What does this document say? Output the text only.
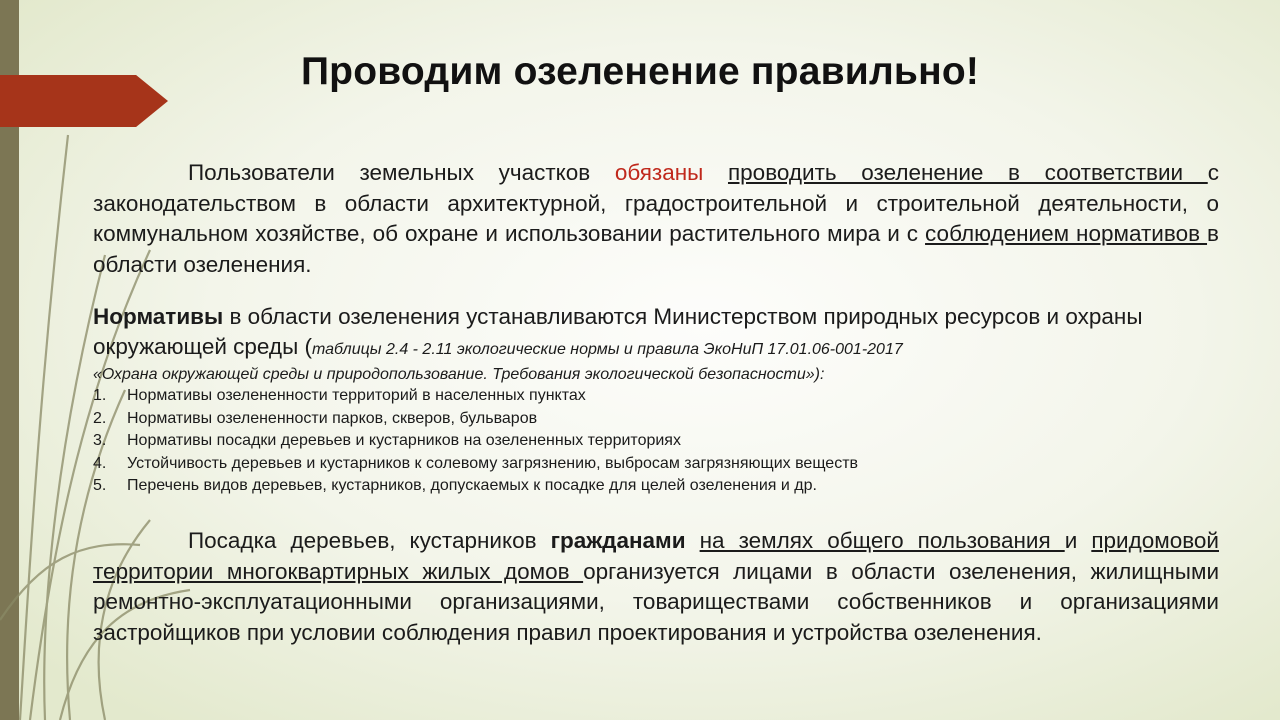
Проводим озеленение правильно!
Пользователи земельных участков обязаны проводить озеленение в соответствии с законодательством в области архитектурной, градостроительной и строительной деятельности, о коммунальном хозяйстве, об охране и использовании растительного мира и с соблюдением нормативов в области озеленения.
Нормативы в области озеленения устанавливаются Министерством природных ресурсов и охраны окружающей среды (таблицы 2.4 - 2.11 экологические нормы и правила ЭкоНиП 17.01.06-001-2017
«Охрана окружающей среды и природопользование. Требования экологической безопасности»):
1.	Нормативы озелененности территорий в населенных пунктах
2.	Нормативы озелененности парков, скверов, бульваров
3.	Нормативы посадки деревьев и кустарников на озелененных территориях
4.	Устойчивость деревьев и кустарников к солевому загрязнению, выбросам загрязняющих веществ
5.	Перечень видов деревьев, кустарников, допускаемых к посадке для целей озеленения и др.
Посадка деревьев, кустарников гражданами на землях общего пользования и придомовой территории многоквартирных жилых домов организуется лицами в области озеленения, жилищными ремонтно-эксплуатационными организациями, товариществами собственников и организациями застройщиков при условии соблюдения правил проектирования и устройства озеленения.
